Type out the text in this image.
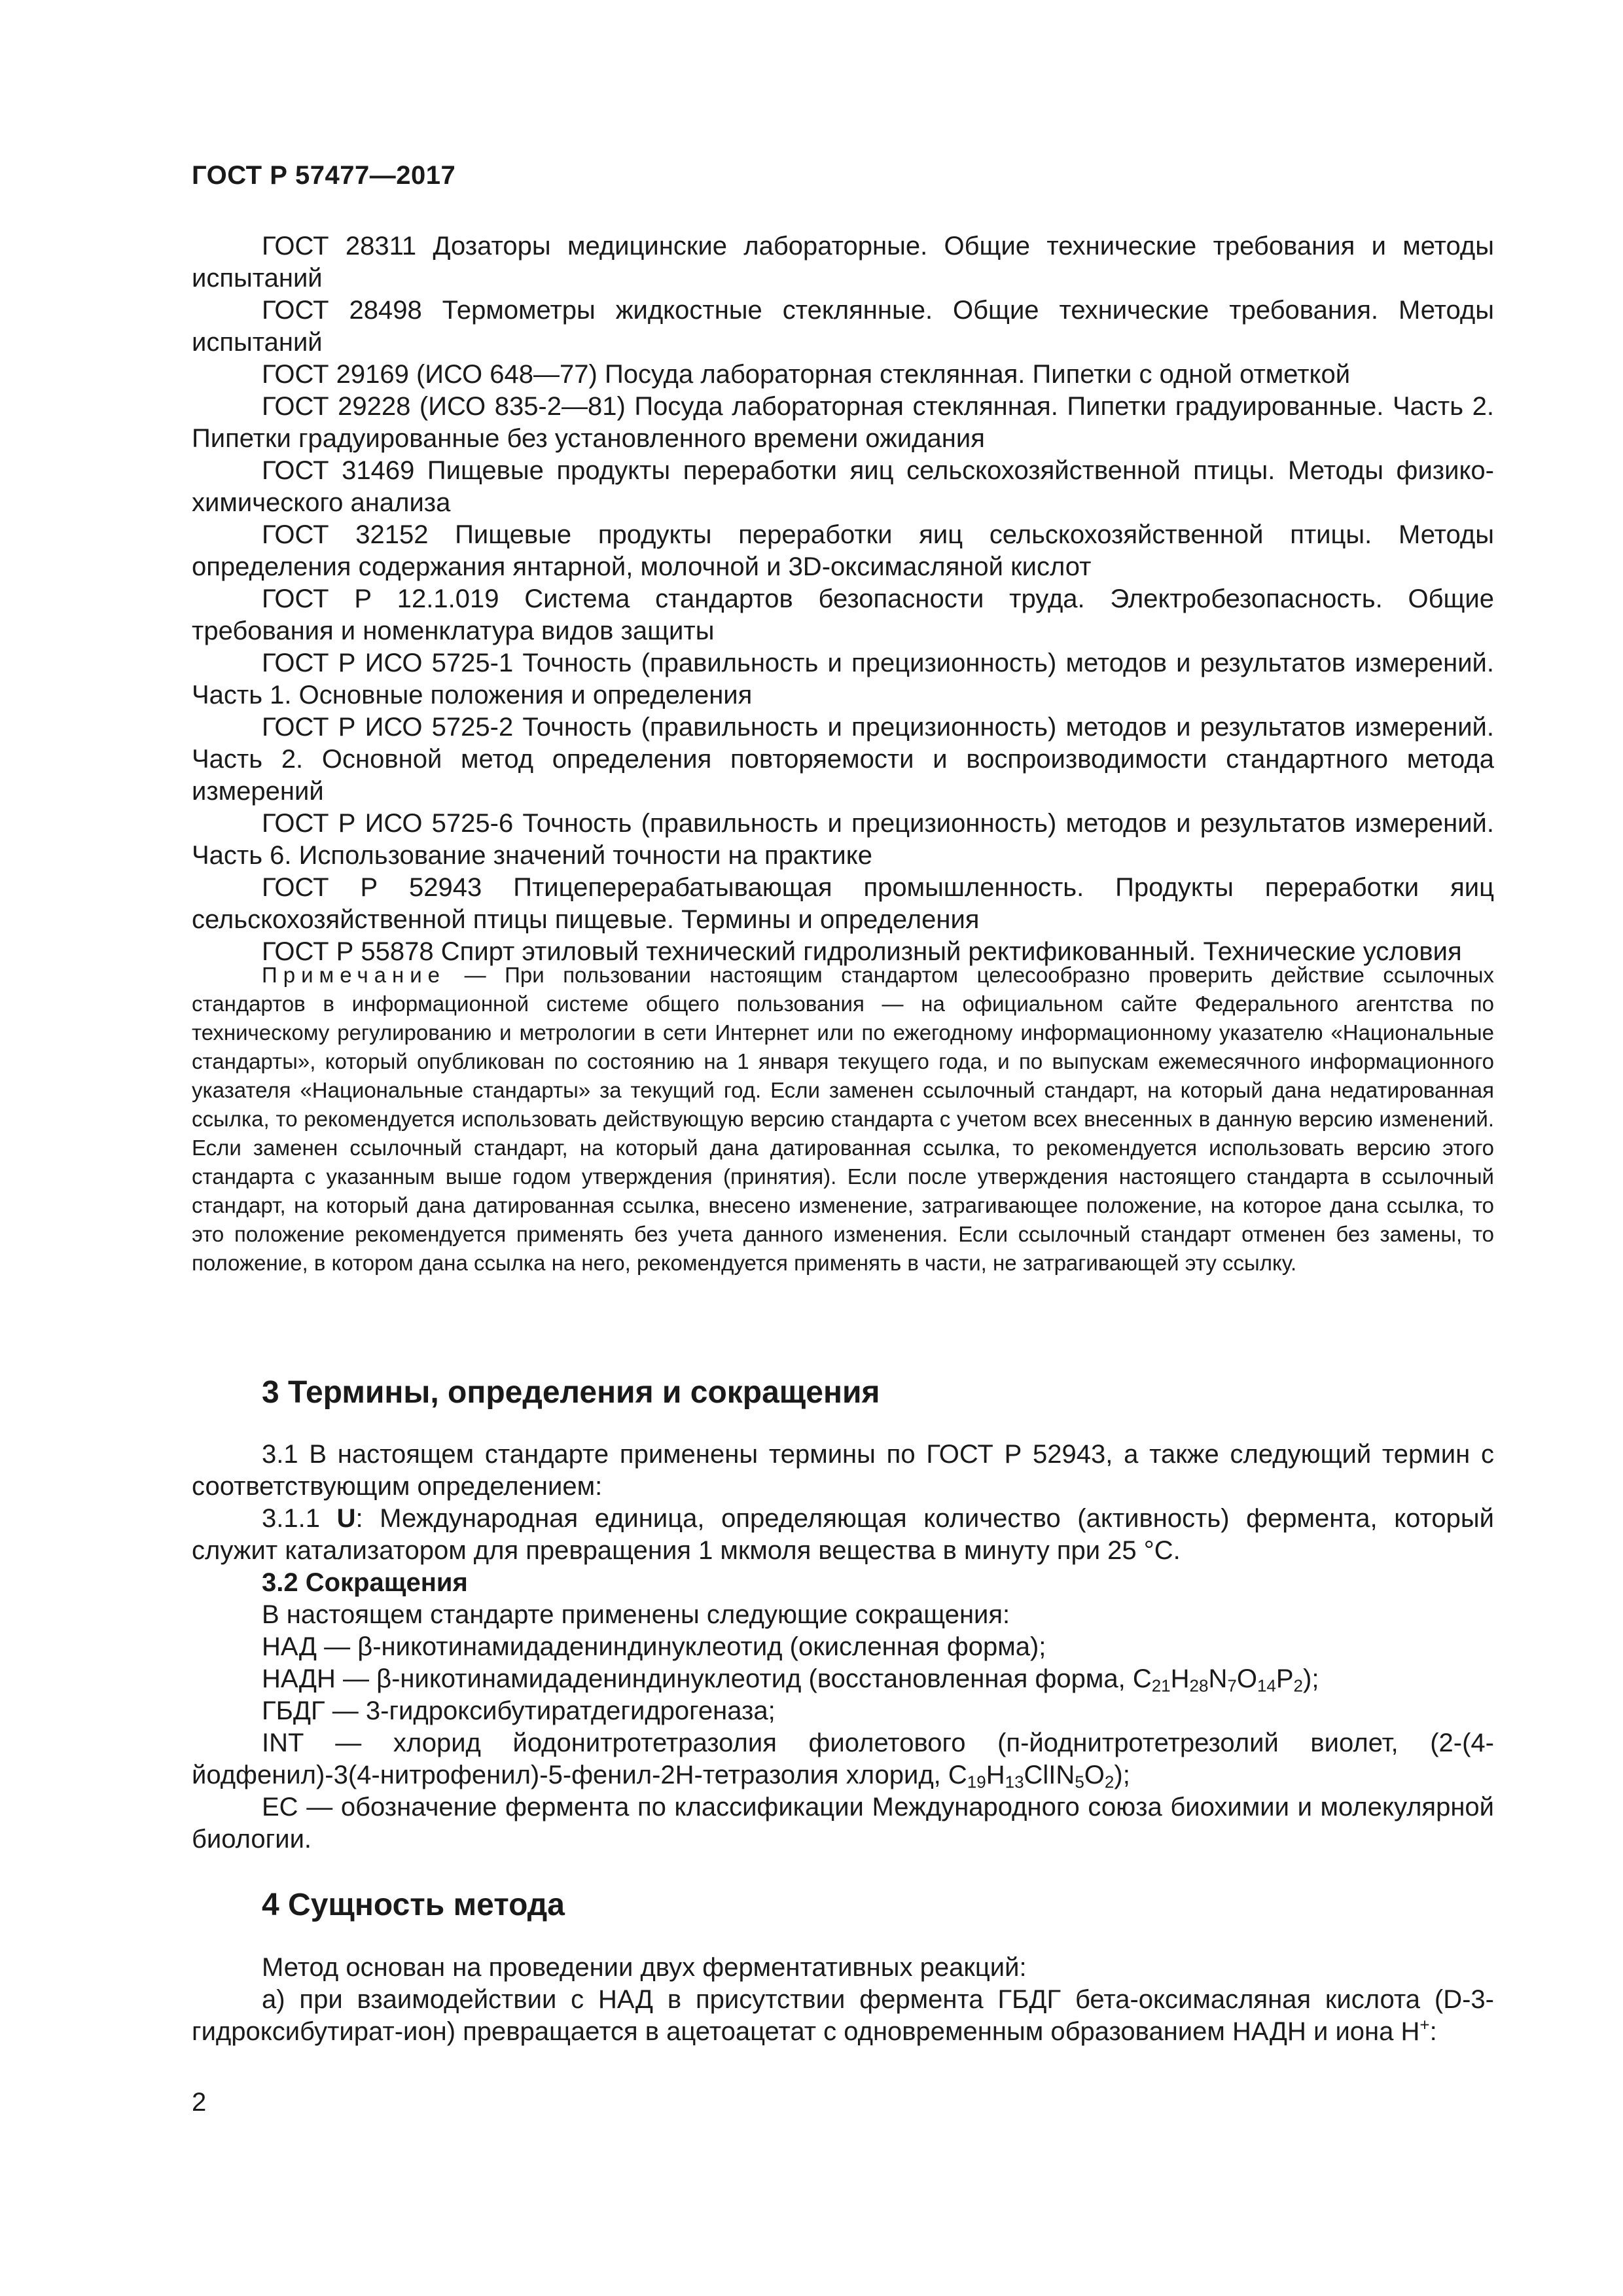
ГОСТ Р 57477—2017

ГОСТ 28311 Дозаторы медицинские лабораторные. Общие технические требования и методы испытаний

ГОСТ 28498 Термометры жидкостные стеклянные. Общие технические требования. Методы испытаний

ГОСТ 29169 (ИСО 648—77) Посуда лабораторная стеклянная. Пипетки с одной отметкой

ГОСТ 29228 (ИСО 835-2—81) Посуда лабораторная стеклянная. Пипетки градуированные. Часть 2. Пипетки градуированные без установленного времени ожидания

ГОСТ 31469 Пищевые продукты переработки яиц сельскохозяйственной птицы. Методы физико-химического анализа

ГОСТ 32152 Пищевые продукты переработки яиц сельскохозяйственной птицы. Методы определения содержания янтарной, молочной и 3D-оксимасляной кислот

ГОСТ Р 12.1.019 Система стандартов безопасности труда. Электробезопасность. Общие требования и номенклатура видов защиты

ГОСТ Р ИСО 5725-1 Точность (правильность и прецизионность) методов и результатов измерений. Часть 1. Основные положения и определения

ГОСТ Р ИСО 5725-2 Точность (правильность и прецизионность) методов и результатов измерений. Часть 2. Основной метод определения повторяемости и воспроизводимости стандартного метода измерений

ГОСТ Р ИСО 5725-6 Точность (правильность и прецизионность) методов и результатов измерений. Часть 6. Использование значений точности на практике

ГОСТ Р 52943 Птицеперерабатывающая промышленность. Продукты переработки яиц сельскохозяйственной птицы пищевые. Термины и определения

ГОСТ Р 55878 Спирт этиловый технический гидролизный ректификованный. Технические условия

Примечание — При пользовании настоящим стандартом целесообразно проверить действие ссылочных стандартов в информационной системе общего пользования — на официальном сайте Федерального агентства по техническому регулированию и метрологии в сети Интернет или по ежегодному информационному указателю «Национальные стандарты», который опубликован по состоянию на 1 января текущего года, и по выпускам ежемесячного информационного указателя «Национальные стандарты» за текущий год. Если заменен ссылочный стандарт, на который дана недатированная ссылка, то рекомендуется использовать действующую версию стандарта с учетом всех внесенных в данную версию изменений. Если заменен ссылочный стандарт, на который дана датированная ссылка, то рекомендуется использовать версию этого стандарта с указанным выше годом утверждения (принятия). Если после утверждения настоящего стандарта в ссылочный стандарт, на который дана датированная ссылка, внесено изменение, затрагивающее положение, на которое дана ссылка, то это положение рекомендуется применять без учета данного изменения. Если ссылочный стандарт отменен без замены, то положение, в котором дана ссылка на него, рекомендуется применять в части, не затрагивающей эту ссылку.

3 Термины, определения и сокращения

3.1 В настоящем стандарте применены термины по ГОСТ Р 52943, а также следующий термин с соответствующим определением:

3.1.1 U: Международная единица, определяющая количество (активность) фермента, который служит катализатором для превращения 1 мкмоля вещества в минуту при 25 °С.

3.2 Сокращения

В настоящем стандарте применены следующие сокращения:

НАД — β-никотинамидадениндинуклеотид (окисленная форма);

НАДН — β-никотинамидадениндинуклеотид (восстановленная форма, $C_{21}H_{28}N_7O_{14}P_2$);

ГБДГ — 3-гидроксибутиратдегидрогеназа;

INT — хлорид йодонитротетразолия фиолетового (п-йоднитротетрезолий виолет, (2-(4-йодфенил)-3(4-нитрофенил)-5-фенил-2Н-тетразолия хлорид, $C_{19}H_{13}ClIN_5O_2$);

ЕС — обозначение фермента по классификации Международного союза биохимии и молекулярной биологии.

4 Сущность метода

Метод основан на проведении двух ферментативных реакций:

а) при взаимодействии с НАД в присутствии фермента ГБДГ бета-оксимасляная кислота (D-3-гидроксибутират-ион) превращается в ацетоацетат с одновременным образованием НАДН и иона Н+:

2
